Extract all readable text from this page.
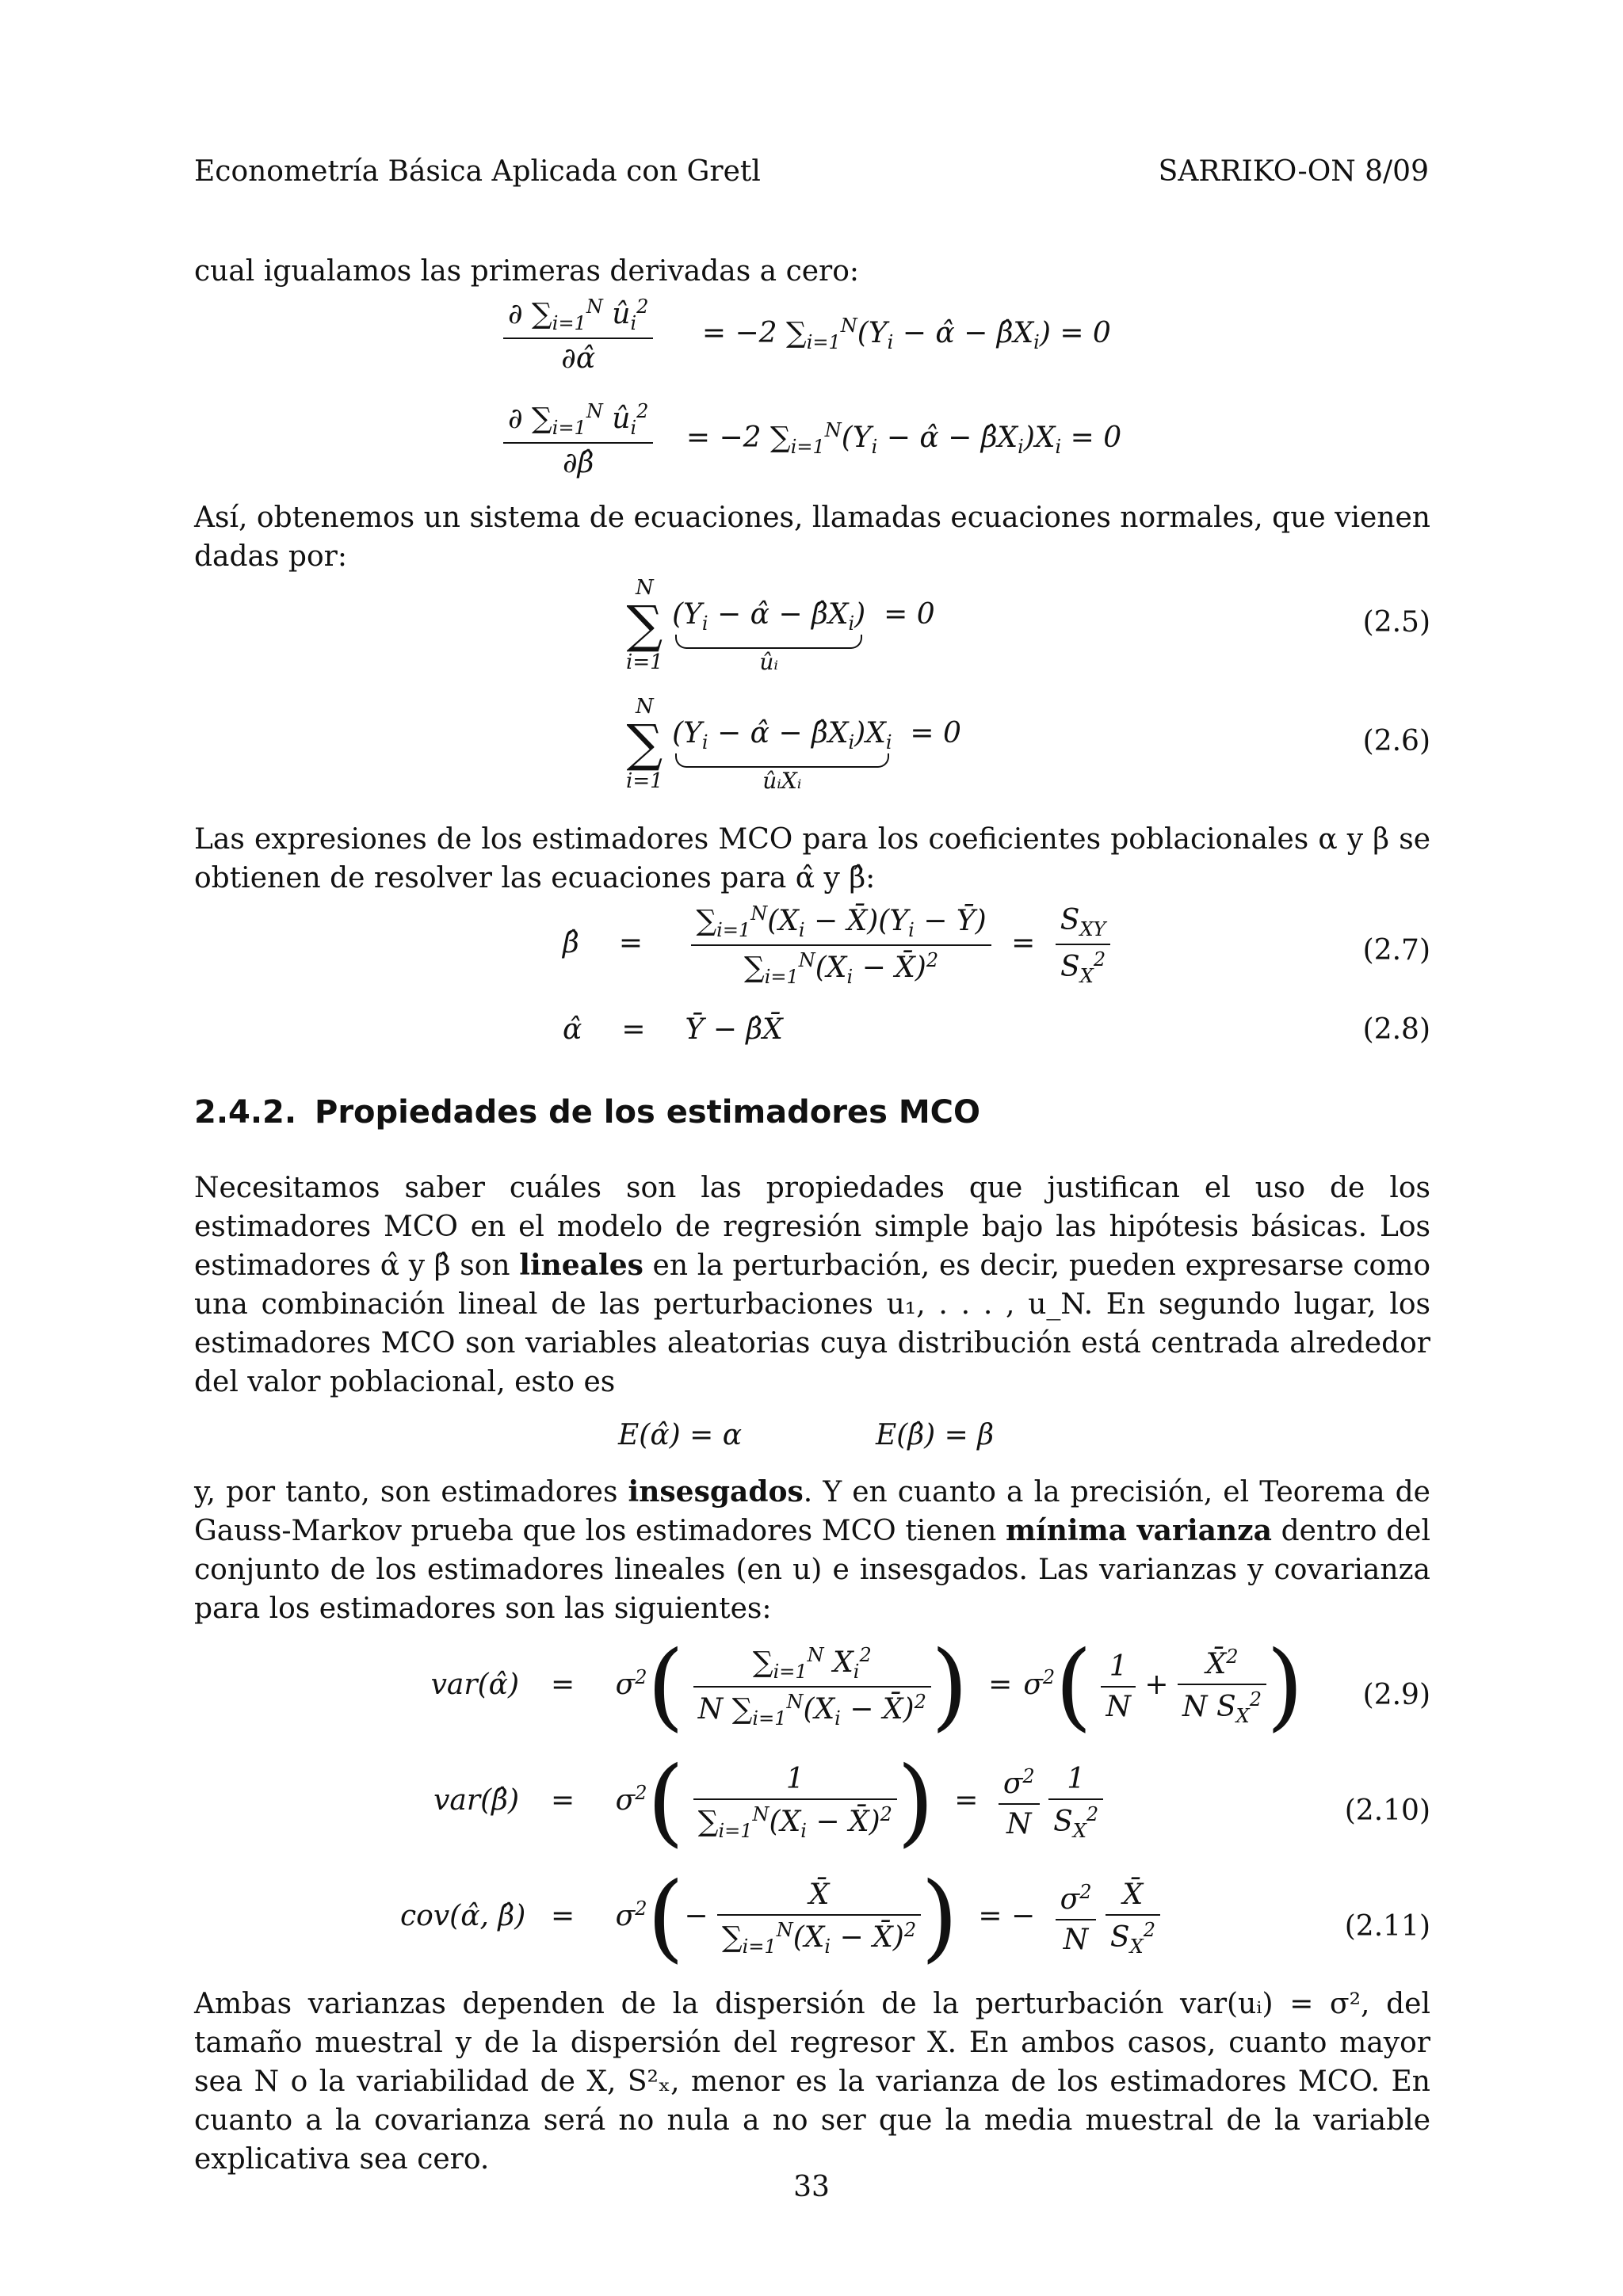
Econometría Básica Aplicada con Gretl	SARRIKO-ON 8/09

cual igualamos las primeras derivadas a cero:

$\frac{\partial \sum_{i=1}^N û_i^2}{\partial\alphâ} = -2$ $\sum_{i=1}^N(Y_i$ − α̂ − $\betâX_i) = 0$
$\frac{\partial \sum_{i=1}^N û_i^2}{\partial\betâ} = -2$ $\sum_{i=1}^N(Y_i$ − α̂ − $\betâX_i)X_i = 0$

Así, obtenemos un sistema de ecuaciones, llamadas ecuaciones normales, que vienen dadas por:

N
∑
i=1
($Y_i$ − α̂ − $\betâX_i$)
ûᵢ
= 0	(2.5)
N
∑
i=1
($Y_i$ − α̂ − $\betâX_i)X_i$
ûᵢXᵢ
= 0	(2.6)

Las expresiones de los estimadores MCO para los coeficientes poblacionales α y β se obtienen de resolver las ecuaciones para α̂ y β̂:

β̂ = $\frac{\sum_{i=1}^N(X_i - X̄)(Y_i - Ȳ)}{\sum_{i=1}^N(X_i - X̄)^2} = \frac{S_{XY}}{S_X^2}$	(2.7)
α̂ = Ȳ − β̂X̄	(2.8)
2.4.2. Propiedades de los estimadores MCO

Necesitamos saber cuáles son las propiedades que justifican el uso de los estimadores MCO en el modelo de regresión simple bajo las hipótesis básicas. Los estimadores α̂ y β̂ son lineales en la perturbación, es decir, pueden expresarse como una combinación lineal de las perturbaciones u₁, . . . , u_N. En segundo lugar, los estimadores MCO son variables aleatorias cuya distribución está centrada alrededor del valor poblacional, esto es

E(α̂) = α	E(β̂) = β

y, por tanto, son estimadores insesgados. Y en cuanto a la precisión, el Teorema de Gauss-Markov prueba que los estimadores MCO tienen mínima varianza dentro del conjunto de los estimadores lineales (en u) e insesgados. Las varianzas y covarianza para los estimadores son las siguientes:

var(α̂) = $\sigma^2( \frac{\sum_{i=1}^N X_i^2}{N \sum_{i=1}^N(X_i - X̄)^2}$ ) = $\sigma^2( \frac{1}{N} + \frac{X̄^2}{N S_X^2}$ ) (2.9)
var(β̂) = $\sigma^2( \frac{1}{\sum_{i=1}^N(X_i - X̄)^2}$ ) = $\frac{\sigma^2}{N}$
$\frac{1}{S_X^2}$	(2.10)
cov(α̂, β̂) = $\sigma^2(- \frac{X̄}{\sum_{i=1}^N(X_i - X̄)^2}$ ) = − $\frac{\sigma^2}{N}$
$\frac{X̄}{S_X^2}$	(2.11)

Ambas varianzas dependen de la dispersión de la perturbación var(uᵢ) = σ², del tamaño muestral y de la dispersión del regresor X. En ambos casos, cuanto mayor sea N o la variabilidad de X, S²ₓ, menor es la varianza de los estimadores MCO. En cuanto a la covarianza será no nula a no ser que la media muestral de la variable explicativa sea cero.

33
